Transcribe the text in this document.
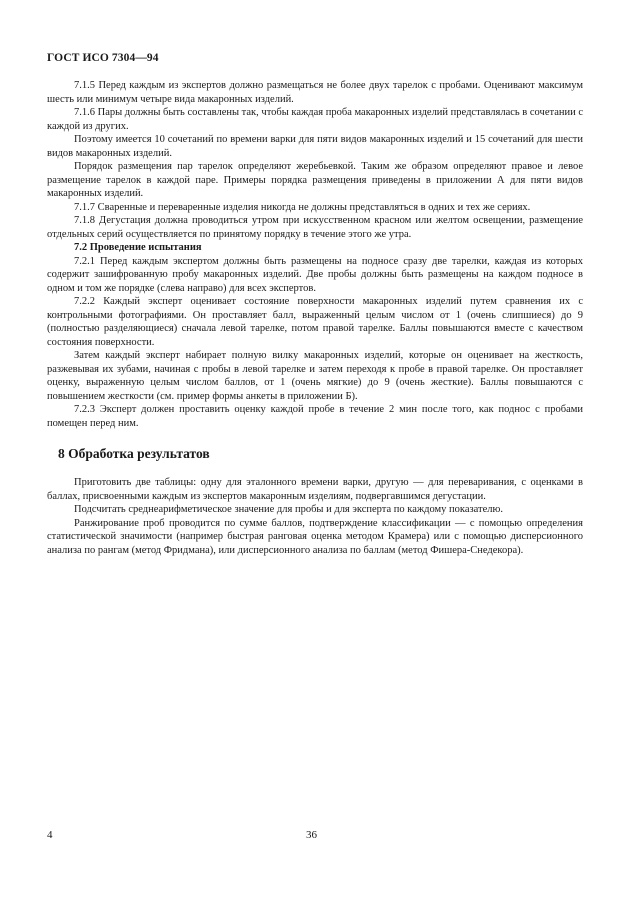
ГОСТ ИСО 7304—94

7.1.5 Перед каждым из экспертов должно размещаться не более двух тарелок с пробами. Оценивают максимум шесть или минимум четыре вида макаронных изделий.

7.1.6 Пары должны быть составлены так, чтобы каждая проба макаронных изделий представлялась в сочетании с каждой из других.

Поэтому имеется 10 сочетаний по времени варки для пяти видов макаронных изделий и 15 сочетаний для шести видов макаронных изделий.

Порядок размещения пар тарелок определяют жеребьевкой. Таким же образом определяют правое и левое размещение тарелок в каждой паре. Примеры порядка размещения приведены в приложении А для пяти видов макаронных изделий.

7.1.7 Сваренные и переваренные изделия никогда не должны представляться в одних и тех же сериях.

7.1.8 Дегустация должна проводиться утром при искусственном красном или желтом освещении, размещение отдельных серий осуществляется по принятому порядку в течение этого же утра.

7.2 Проведение испытания

7.2.1 Перед каждым экспертом должны быть размещены на подносе сразу две тарелки, каждая из которых содержит зашифрованную пробу макаронных изделий. Две пробы должны быть размещены на каждом подносе в одном и том же порядке (слева направо) для всех экспертов.

7.2.2 Каждый эксперт оценивает состояние поверхности макаронных изделий путем сравнения их с контрольными фотографиями. Он проставляет балл, выраженный целым числом от 1 (очень слипшиеся) до 9 (полностью разделяющиеся) сначала левой тарелке, потом правой тарелке. Баллы повышаются вместе с качеством состояния поверхности.

Затем каждый эксперт набирает полную вилку макаронных изделий, которые он оценивает на жесткость, разжевывая их зубами, начиная с пробы в левой тарелке и затем переходя к пробе в правой тарелке. Он проставляет оценку, выраженную целым числом баллов, от 1 (очень мягкие) до 9 (очень жесткие). Баллы повышаются с повышением жесткости (см. пример формы анкеты в приложении Б).

7.2.3 Эксперт должен проставить оценку каждой пробе в течение 2 мин после того, как поднос с пробами помещен перед ним.

8 Обработка результатов

Приготовить две таблицы: одну для эталонного времени варки, другую — для переваривания, с оценками в баллах, присвоенными каждым из экспертов макаронным изделиям, подвергавшимся дегустации.

Подсчитать среднеарифметическое значение для пробы и для эксперта по каждому показателю.

Ранжирование проб проводится по сумме баллов, подтверждение классификации — с помощью определения статистической значимости (например быстрая ранговая оценка методом Крамера) или с помощью дисперсионного анализа по рангам (метод Фридмана), или дисперсионного анализа по баллам (метод Фишера-Снедекора).

4	36
